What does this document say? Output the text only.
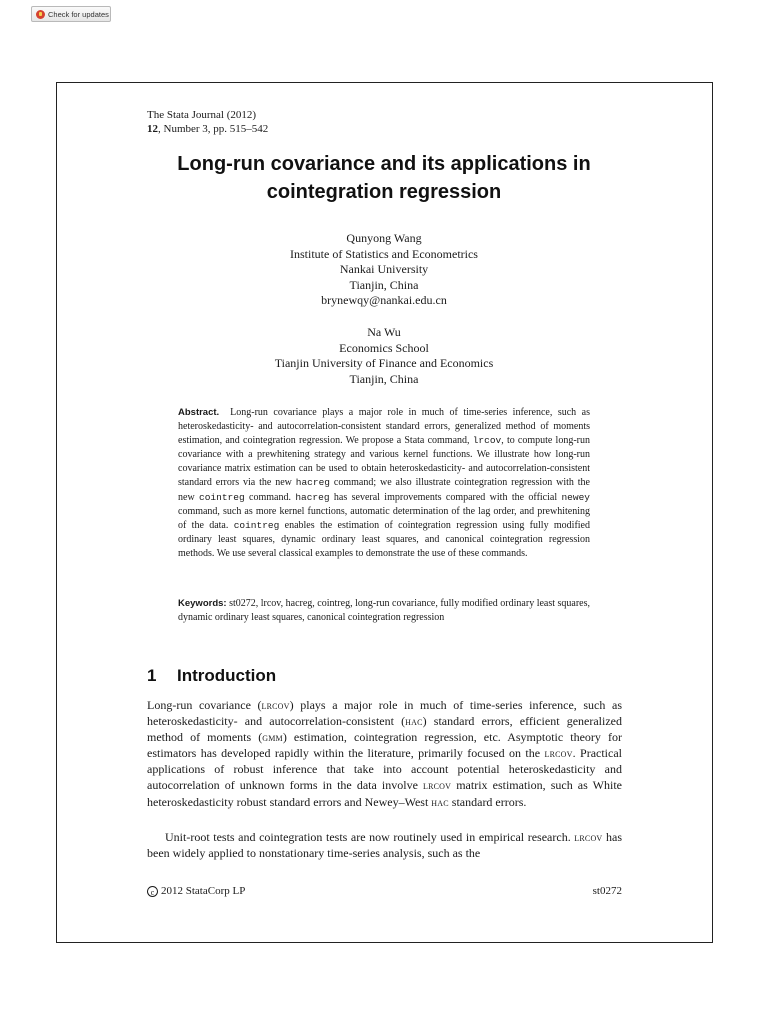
Check for updates
The Stata Journal (2012)
12, Number 3, pp. 515–542
Long-run covariance and its applications in
cointegration regression
Qunyong Wang
Institute of Statistics and Econometrics
Nankai University
Tianjin, China
brynewqy@nankai.edu.cn
Na Wu
Economics School
Tianjin University of Finance and Economics
Tianjin, China
Abstract. Long-run covariance plays a major role in much of time-series inference, such as heteroskedasticity- and autocorrelation-consistent standard errors, generalized method of moments estimation, and cointegration regression. We propose a Stata command, lrcov, to compute long-run covariance with a prewhitening strategy and various kernel functions. We illustrate how long-run covariance matrix estimation can be used to obtain heteroskedasticity- and autocorrelation-consistent standard errors via the new hacreg command; we also illustrate cointegration regression with the new cointreg command. hacreg has several improvements compared with the official newey command, such as more kernel functions, automatic determination of the lag order, and prewhitening of the data. cointreg enables the estimation of cointegration regression using fully modified ordinary least squares, dynamic ordinary least squares, and canonical cointegration regression methods. We use several classical examples to demonstrate the use of these commands.
Keywords: st0272, lrcov, hacreg, cointreg, long-run covariance, fully modified ordinary least squares, dynamic ordinary least squares, canonical cointegration regression
1 Introduction
Long-run covariance (lrcov) plays a major role in much of time-series inference, such as heteroskedasticity- and autocorrelation-consistent (hac) standard errors, efficient generalized method of moments (gmm) estimation, cointegration regression, etc. Asymptotic theory for estimators has developed rapidly within the literature, primarily focused on the lrcov. Practical applications of robust inference that take into account potential heteroskedasticity and autocorrelation of unknown forms in the data involve lrcov matrix estimation, such as White heteroskedasticity robust standard errors and Newey–West hac standard errors.
Unit-root tests and cointegration tests are now routinely used in empirical research. lrcov has been widely applied to nonstationary time-series analysis, such as the
c 2012 StataCorp LP	st0272
